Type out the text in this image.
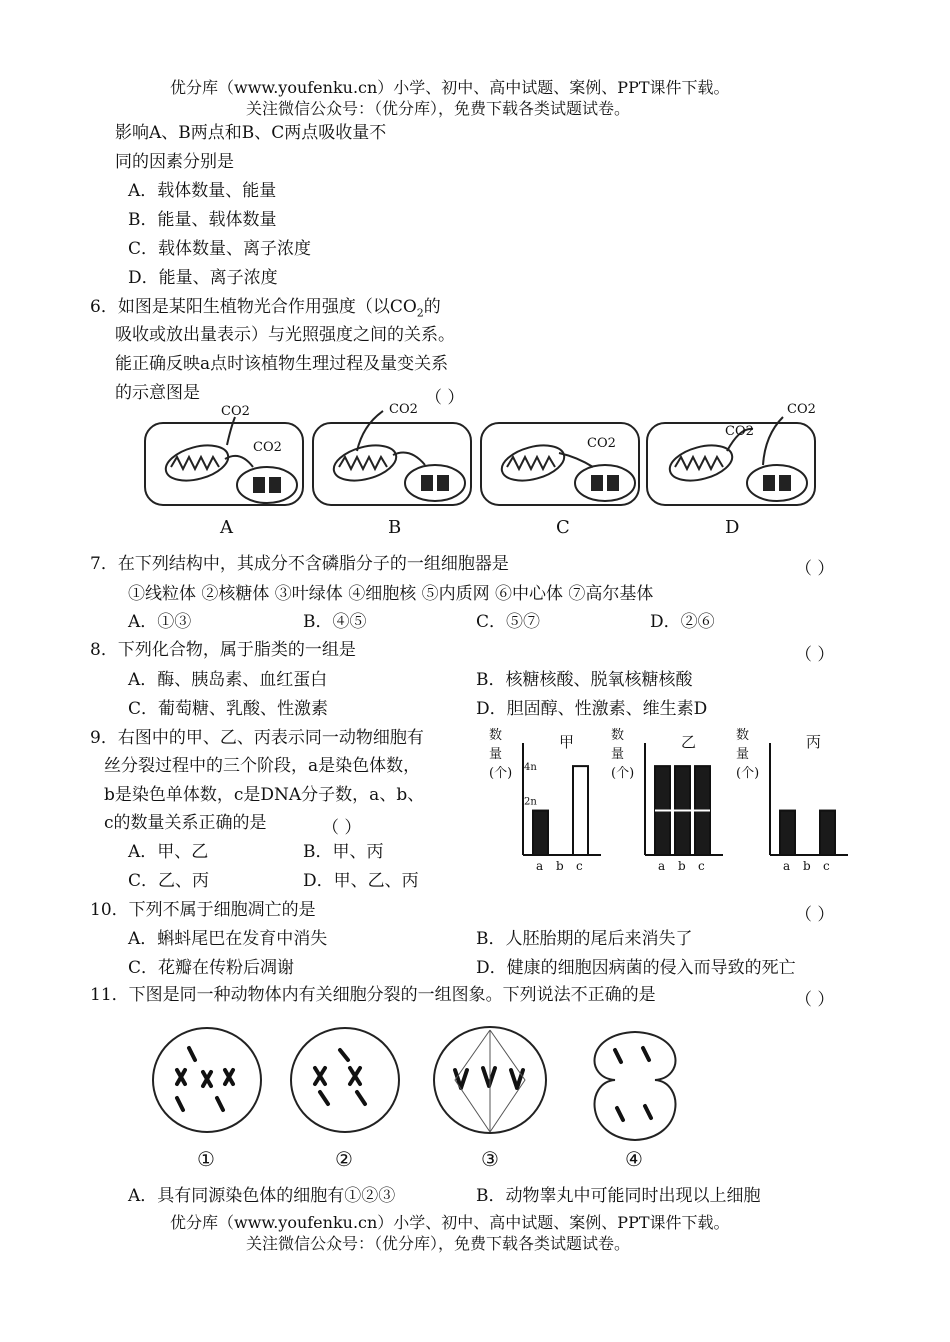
优分库（www.youfenku.cn）小学、初中、高中试题、案例、PPT课件下载。
关注微信公众号：（优分库），免费下载各类试题试卷。
影响A、B两点和B、C两点吸收量不
同的因素分别是
A．载体数量、能量
B．能量、载体数量
C．载体数量、离子浓度
D．能量、离子浓度
6．如图是某阳生植物光合作用强度（以$CO_2$的
吸收或放出量表示）与光照强度之间的关系。
能正确反映a点时该植物生理过程及量变关系
的示意图是	（ ）
CO2
CO2
CO2
CO2
CO2
CO2
A	B	C	D
7．在下列结构中，其成分不含磷脂分子的一组细胞器是	（ ）
①线粒体 ②核糖体 ③叶绿体 ④细胞核 ⑤内质网 ⑥中心体 ⑦高尔基体
A．①③	B．④⑤	C．⑤⑦	D．②⑥
8．下列化合物，属于脂类的一组是	（ ）
A．酶、胰岛素、血红蛋白	B．核糖核酸、脱氧核糖核酸
C．葡萄糖、乳酸、性激素	D．胆固醇、性激素、维生素D
9．右图中的甲、乙、丙表示同一动物细胞有
丝分裂过程中的三个阶段，a是染色体数，
b是染色单体数，c是DNA分子数，a、b、
c的数量关系正确的是	（ ）
A．甲、乙	B．甲、丙
C．乙、丙	D．甲、乙、丙
数
量
(个)
甲
a b c
4n
2n
数
量
(个)
乙
a b c
数
量
(个)
丙
a b c
10．下列不属于细胞凋亡的是	（ ）
A．蝌蚪尾巴在发育中消失	B．人胚胎期的尾后来消失了
C．花瓣在传粉后凋谢	D．健康的细胞因病菌的侵入而导致的死亡
11．下图是同一种动物体内有关细胞分裂的一组图象。下列说法不正确的是	（ ）
①	②	③	④
A．具有同源染色体的细胞有①②③	B．动物睾丸中可能同时出现以上细胞
优分库（www.youfenku.cn）小学、初中、高中试题、案例、PPT课件下载。
关注微信公众号：（优分库），免费下载各类试题试卷。
